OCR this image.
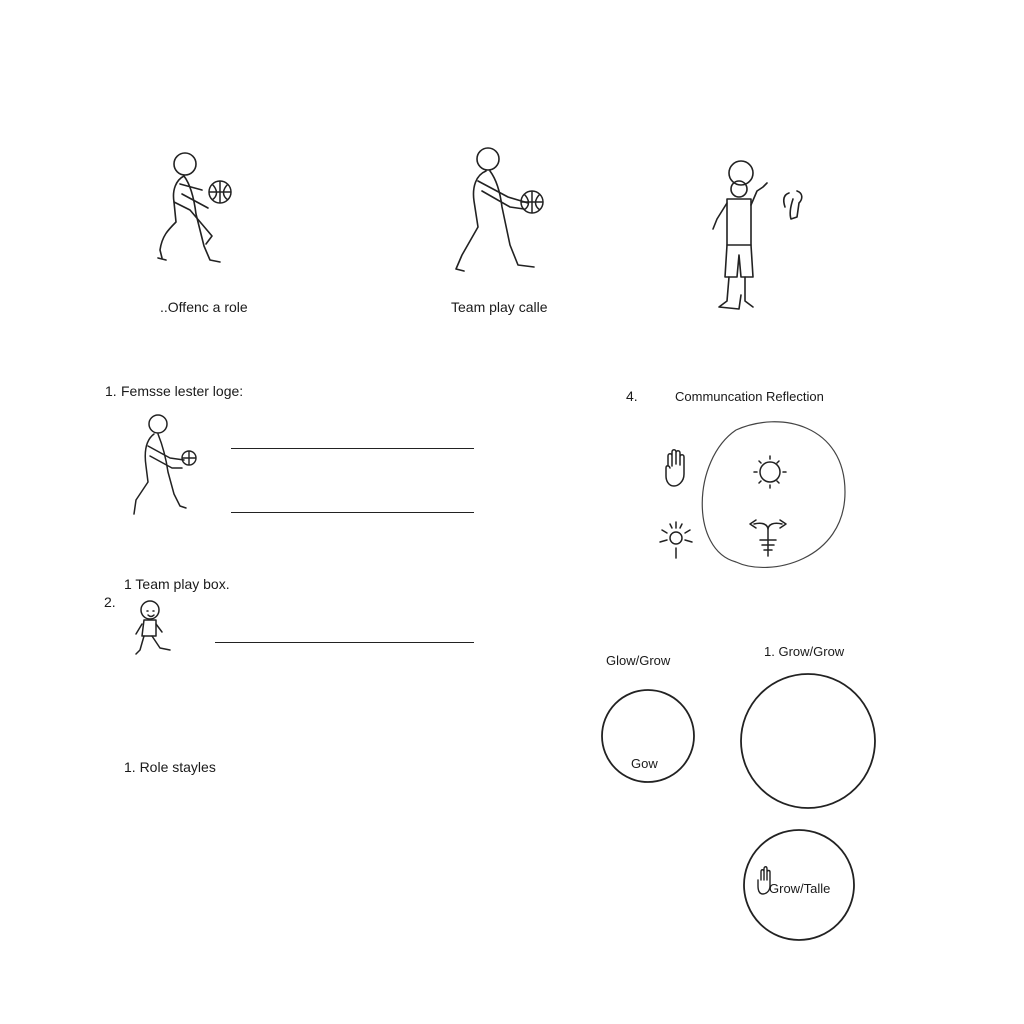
..Offenc a role	Team play calle
1. Femsse lester loge:
1 Team play box.
2.
1. Role stayles
4.	Communcation Reflection
Glow/Grow
1. Grow/Grow
Gow
Grow/Talle
